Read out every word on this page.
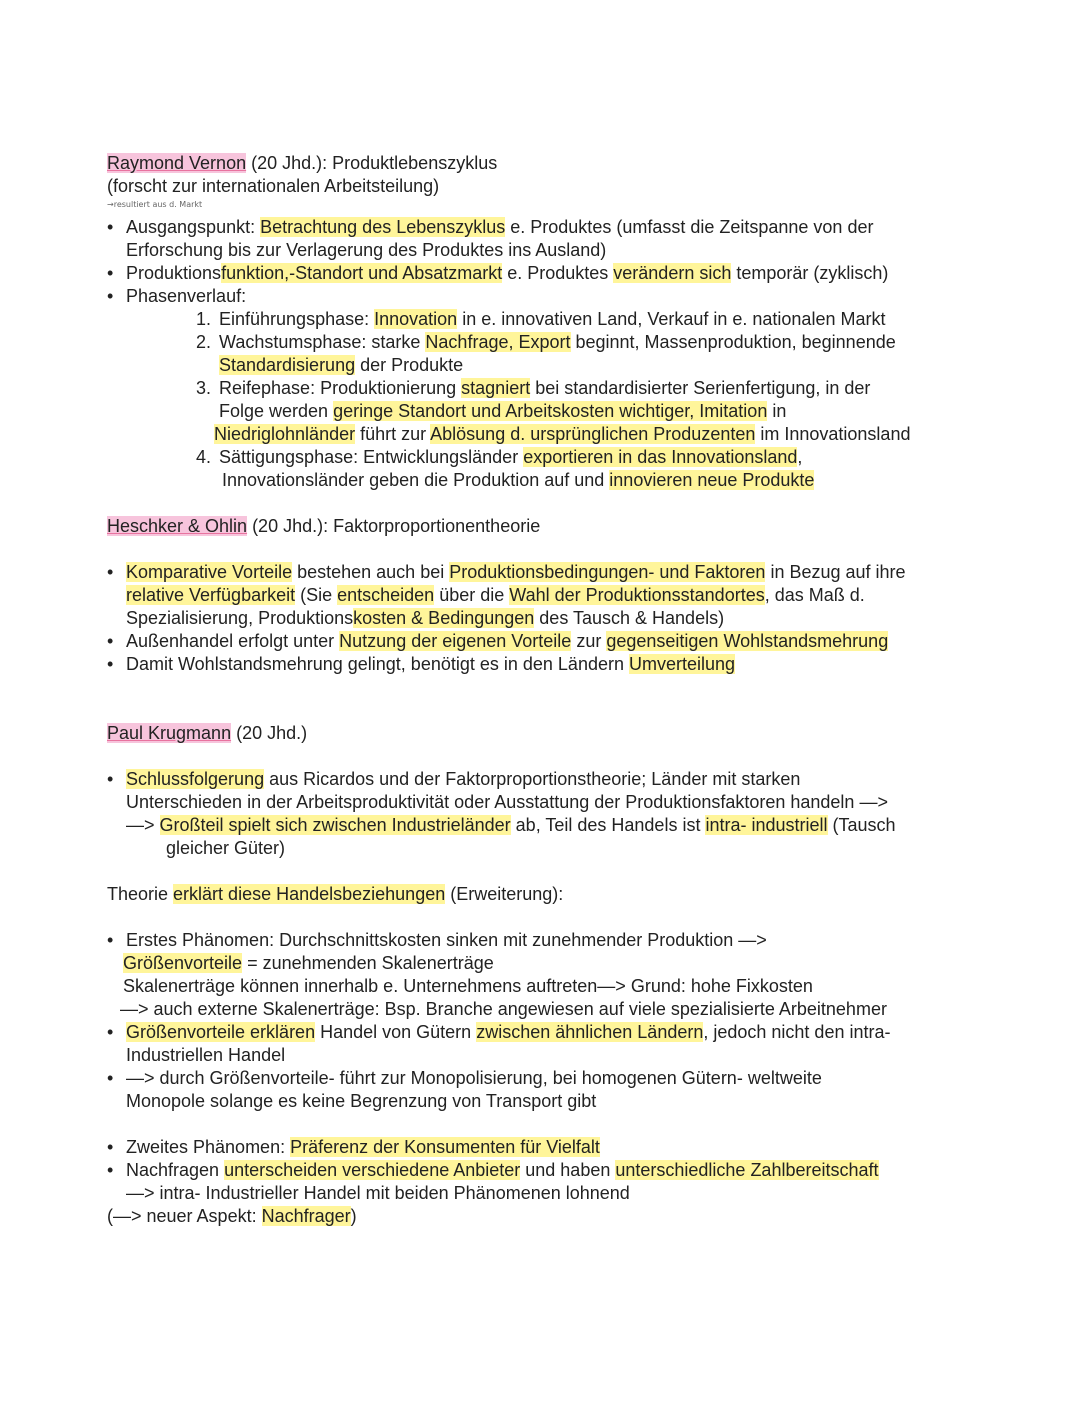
Raymond Vernon (20 Jhd.): Produktlebenszyklus
(forscht zur internationalen Arbeitsteilung)
→resultiert aus d. Markt
• Ausgangspunkt: Betrachtung des Lebenszyklus e. Produktes (umfasst die Zeitspanne von der
Erforschung bis zur Verlagerung des Produktes ins Ausland)
• Produktionsfunktion,-Standort und Absatzmarkt e. Produktes verändern sich temporär (zyklisch)
• Phasenverlauf:
1. Einführungsphase: Innovation in e. innovativen Land, Verkauf in e. nationalen Markt
2. Wachstumsphase: starke Nachfrage, Export beginnt, Massenproduktion, beginnende
Standardisierung der Produkte
3. Reifephase: Produktionierung stagniert bei standardisierter Serienfertigung, in der
Folge werden geringe Standort und Arbeitskosten wichtiger, Imitation in
Niedriglohnländer führt zur Ablösung d. ursprünglichen Produzenten im Innovationsland
4. Sättigungsphase: Entwicklungsländer exportieren in das Innovationsland,
Innovationsländer geben die Produktion auf und innovieren neue Produkte
Heschker & Ohlin (20 Jhd.): Faktorproportionentheorie
• Komparative Vorteile bestehen auch bei Produktionsbedingungen- und Faktoren in Bezug auf ihre
relative Verfügbarkeit (Sie entscheiden über die Wahl der Produktionsstandortes, das Maß d.
Spezialisierung, Produktionskosten & Bedingungen des Tausch & Handels)
• Außenhandel erfolgt unter Nutzung der eigenen Vorteile zur gegenseitigen Wohlstandsmehrung
• Damit Wohlstandsmehrung gelingt, benötigt es in den Ländern Umverteilung
Paul Krugmann (20 Jhd.)
• Schlussfolgerung aus Ricardos und der Faktorproportionstheorie; Länder mit starken
Unterschieden in der Arbeitsproduktivität oder Ausstattung der Produktionsfaktoren handeln —>
—> Großteil spielt sich zwischen Industrieländer ab, Teil des Handels ist intra- industriell (Tausch
gleicher Güter)
Theorie erklärt diese Handelsbeziehungen (Erweiterung):
• Erstes Phänomen: Durchschnittskosten sinken mit zunehmender Produktion —>
Größenvorteile = zunehmenden Skalenerträge
Skalenerträge können innerhalb e. Unternehmens auftreten—> Grund: hohe Fixkosten
—> auch externe Skalenerträge: Bsp. Branche angewiesen auf viele spezialisierte Arbeitnehmer
• Größenvorteile erklären Handel von Gütern zwischen ähnlichen Ländern, jedoch nicht den intra-
Industriellen Handel
• —> durch Größenvorteile- führt zur Monopolisierung, bei homogenen Gütern- weltweite
Monopole solange es keine Begrenzung von Transport gibt
• Zweites Phänomen: Präferenz der Konsumenten für Vielfalt
• Nachfragen unterscheiden verschiedene Anbieter und haben unterschiedliche Zahlbereitschaft
—> intra- Industrieller Handel mit beiden Phänomenen lohnend
(—> neuer Aspekt: Nachfrager)
